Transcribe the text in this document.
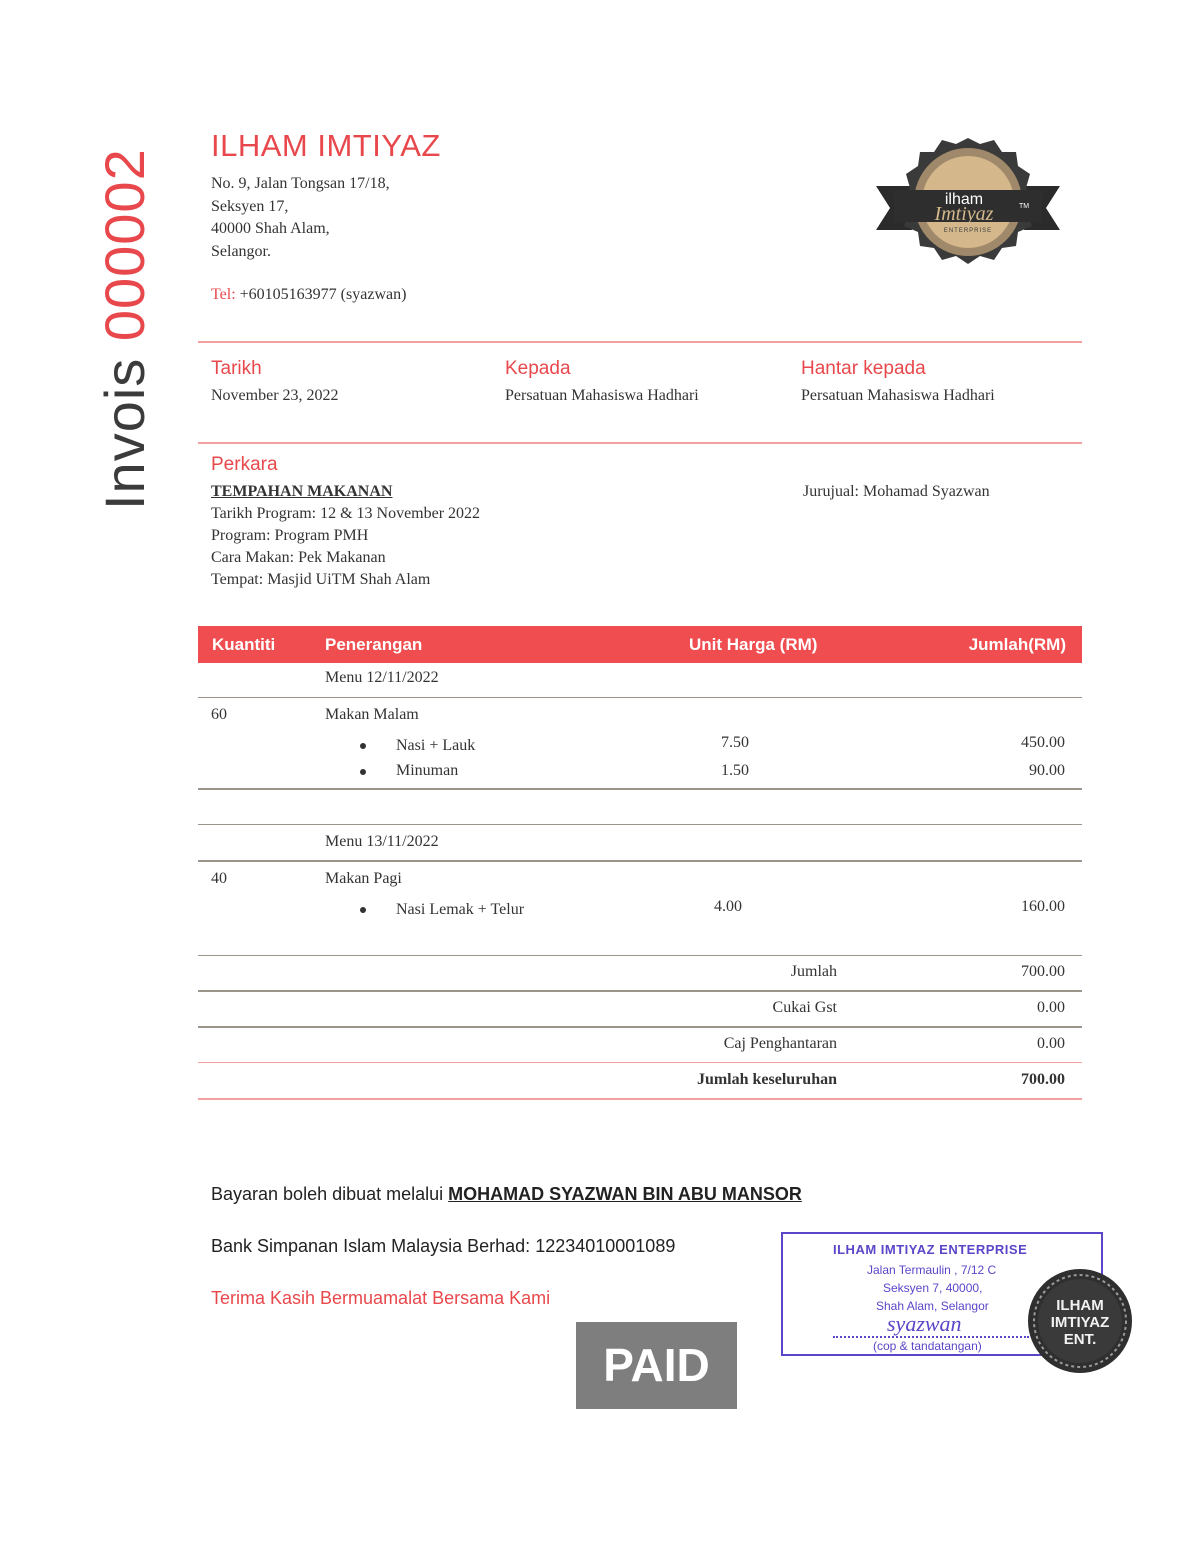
Invois 000002
ILHAM IMTIYAZ
No. 9, Jalan Tongsan 17/18,
Seksyen 17,
40000 Shah Alam,
Selangor.
Tel: +60105163977 (syazwan)
ilham
Imtiyaz	TM
ENTERPRISE
Tarikh
November 23, 2022
Kepada
Persatuan Mahasiswa Hadhari
Hantar kepada
Persatuan Mahasiswa Hadhari
Perkara
TEMPAHAN MAKANAN
Tarikh Program: 12 & 13 November 2022
Program: Program PMH
Cara Makan: Pek Makanan
Tempat: Masjid UiTM Shah Alam
Jurujual: Mohamad Syazwan
Kuantiti	Penerangan	Unit Harga (RM)	Jumlah(RM)
Menu 12/11/2022
60	Makan Malam
Nasi + Lauk	7.50	450.00
Minuman	1.50	90.00
Menu 13/11/2022
40	Makan Pagi
Nasi Lemak + Telur	4.00	160.00
Jumlah	700.00
Cukai Gst	0.00
Caj Penghantaran	0.00
Jumlah keseluruhan	700.00
Bayaran boleh dibuat melalui MOHAMAD SYAZWAN BIN ABU MANSOR
Bank Simpanan Islam Malaysia Berhad: 12234010001089
Terima Kasih Bermuamalat Bersama Kami
PAID
ILHAM IMTIYAZ ENTERPRISE
Jalan Termaulin , 7/12 C
Seksyen 7, 40000,
Shah Alam, Selangor
syazwan
(cop & tandatangan)
ILHAM
IMTIYAZ
ENT.
